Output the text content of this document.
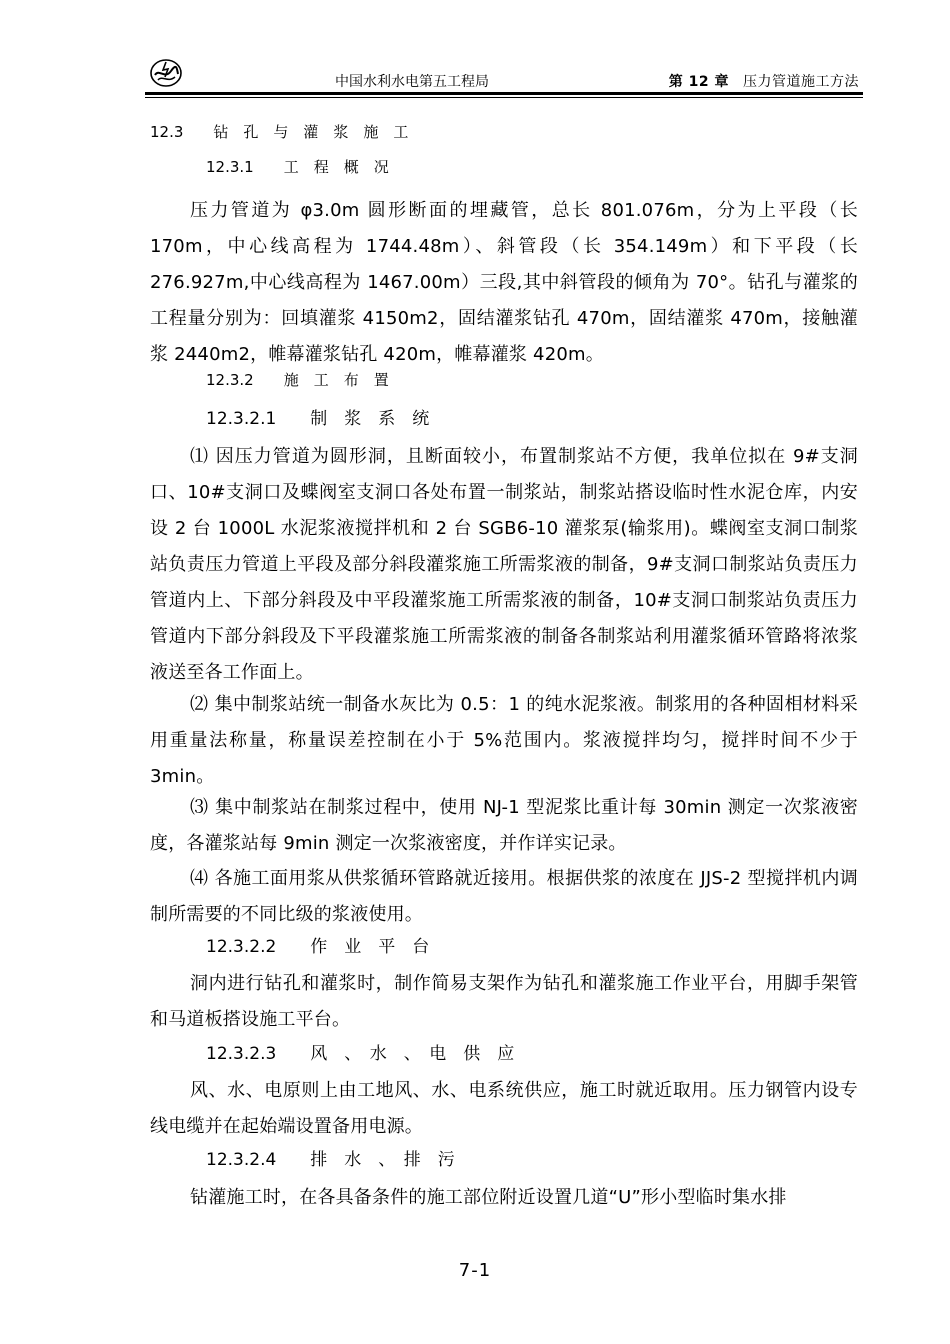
中国水利水电第五工程局	第 12 章 压力管道施工方法
12.3　　钻　孔　与　灌　浆　施　工
12.3.1　　工　程　概　况

压力管道为 φ3.0m 圆形断面的埋藏管，总长 801.076m，分为上平段（长 170m，中心线高程为 1744.48m）、斜管段（长 354.149m）和下平段（长 276.927m,中心线高程为 1467.00m）三段,其中斜管段的倾角为 70°。钻孔与灌浆的工程量分别为：回填灌浆 4150m2，固结灌浆钻孔 470m，固结灌浆 470m，接触灌浆 2440m2，帷幕灌浆钻孔 420m，帷幕灌浆 420m。

12.3.2　　施　工　布　置
12.3.2.1　　制　浆　系　统

⑴ 因压力管道为圆形洞，且断面较小，布置制浆站不方便，我单位拟在 9#支洞口、10#支洞口及蝶阀室支洞口各处布置一制浆站，制浆站搭设临时性水泥仓库，内安设 2 台 1000L 水泥浆液搅拌机和 2 台 SGB6-10 灌浆泵(输浆用)。蝶阀室支洞口制浆站负责压力管道上平段及部分斜段灌浆施工所需浆液的制备，9#支洞口制浆站负责压力管道内上、下部分斜段及中平段灌浆施工所需浆液的制备，10#支洞口制浆站负责压力管道内下部分斜段及下平段灌浆施工所需浆液的制备各制浆站利用灌浆循环管路将浓浆液送至各工作面上。

⑵ 集中制浆站统一制备水灰比为 0.5：1 的纯水泥浆液。制浆用的各种固相材料采用重量法称量，称量误差控制在小于 5%范围内。浆液搅拌均匀，搅拌时间不少于 3min。

⑶ 集中制浆站在制浆过程中，使用 NJ-1 型泥浆比重计每 30min 测定一次浆液密度，各灌浆站每 9min 测定一次浆液密度，并作详实记录。

⑷ 各施工面用浆从供浆循环管路就近接用。根据供浆的浓度在 JJS-2 型搅拌机内调制所需要的不同比级的浆液使用。

12.3.2.2　　作　业　平　台

洞内进行钻孔和灌浆时，制作简易支架作为钻孔和灌浆施工作业平台，用脚手架管和马道板搭设施工平台。

12.3.2.3　　风　、　水　、　电　供　应

风、水、电原则上由工地风、水、电系统供应，施工时就近取用。压力钢管内设专线电缆并在起始端设置备用电源。

12.3.2.4　　排　水　、　排　污

钻灌施工时，在各具备条件的施工部位附近设置几道“U”形小型临时集水排

7-1
